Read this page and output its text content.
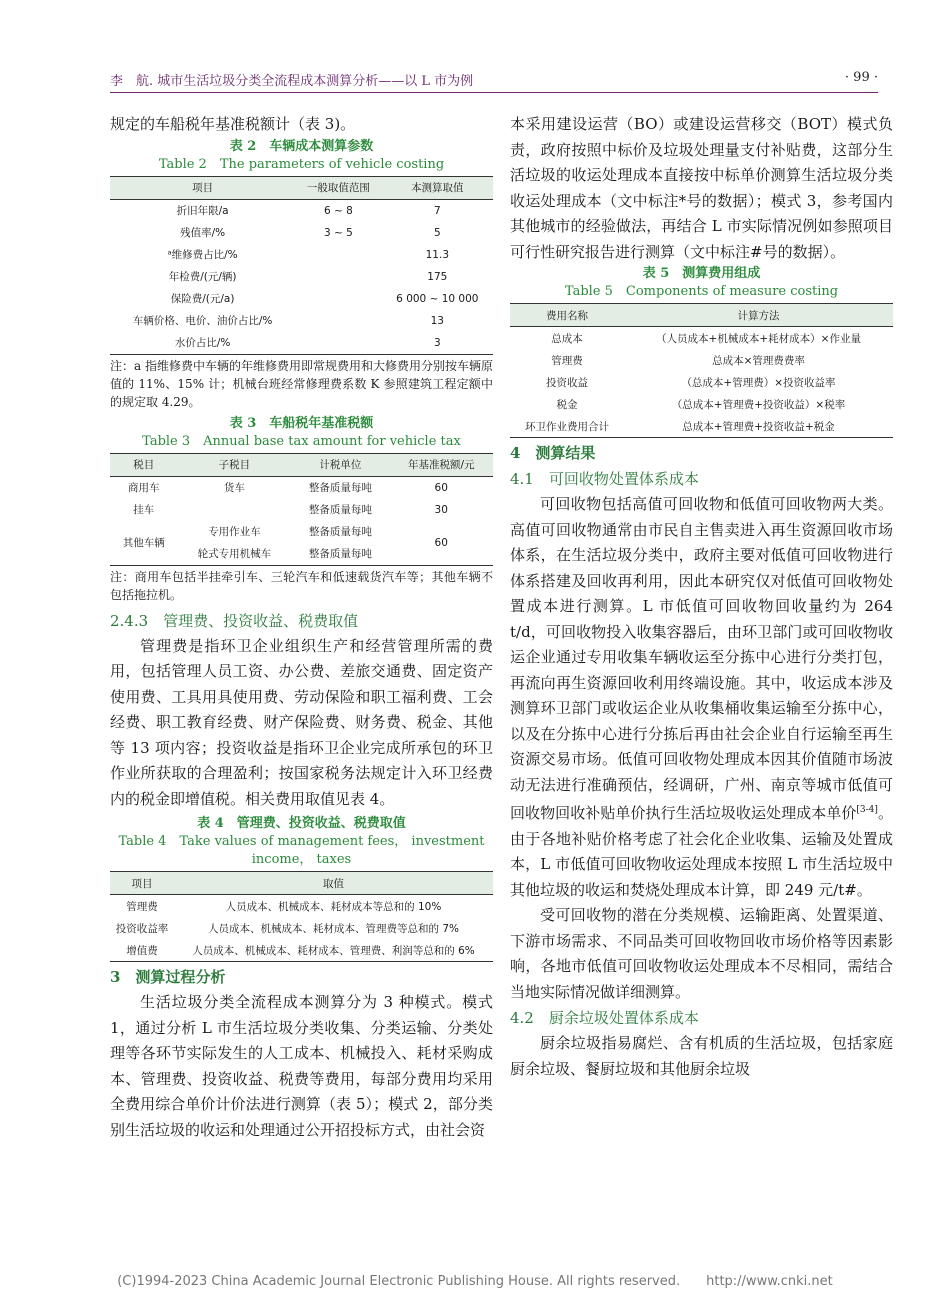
李　航. 城市生活垃圾分类全流程成本测算分析——以 L 市为例	· 99 ·

规定的车船税年基准税额计（表 3)。

表 2　车辆成本测算参数
Table 2　The parameters of vehicle costing
项目	一般取值范围	本测算取值
折旧年限/a	6 ~ 8	7
残值率/%	3 ~ 5	5
ᵃ维修费占比/%		11.3
年检费/(元/辆)		175
保险费/(元/a)		6 000 ~ 10 000
车辆价格、电价、油价占比/%		13
水价占比/%		3
注：a 指维修费中车辆的年维修费用即常规费用和大修费用分别按车辆原值的 11%、15% 计；机械台班经常修理费系数 K 参照建筑工程定额中的规定取 4.29。
表 3　车船税年基准税额
Table 3　Annual base tax amount for vehicle tax
税目	子税目	计税单位	年基准税额/元
商用车	货车	整备质量每吨	60
挂车		整备质量每吨	30
其他车辆	专用作业车	整备质量每吨	60
	轮式专用机械车	整备质量每吨	
注：商用车包括半挂牵引车、三轮汽车和低速载货汽车等；其他车辆不包括拖拉机。
2.4.3　管理费、投资收益、税费取值

管理费是指环卫企业组织生产和经营管理所需的费用，包括管理人员工资、办公费、差旅交通费、固定资产使用费、工具用具使用费、劳动保险和职工福利费、工会经费、职工教育经费、财产保险费、财务费、税金、其他等 13 项内容；投资收益是指环卫企业完成所承包的环卫作业所获取的合理盈利；按国家税务法规定计入环卫经费内的税金即增值税。相关费用取值见表 4。

表 4　管理费、投资收益、税费取值
Table 4　Take values of management fees， investment income， taxes
项目	取值
管理费	人员成本、机械成本、耗材成本等总和的 10%
投资收益率	人员成本、机械成本、耗材成本、管理费等总和的 7%
增值费	人员成本、机械成本、耗材成本、管理费、利润等总和的 6%
3　测算过程分析

生活垃圾分类全流程成本测算分为 3 种模式。模式 1，通过分析 L 市生活垃圾分类收集、分类运输、分类处理等各环节实际发生的人工成本、机械投入、耗材采购成本、管理费、投资收益、税费等费用，每部分费用均采用全费用综合单价计价法进行测算（表 5）；模式 2，部分类别生活垃圾的收运和处理通过公开招投标方式，由社会资

本采用建设运营（BO）或建设运营移交（BOT）模式负责，政府按照中标价及垃圾处理量支付补贴费，这部分生活垃圾的收运处理成本直接按中标单价测算生活垃圾分类收运处理成本（文中标注*号的数据）；模式 3，参考国内其他城市的经验做法，再结合 L 市实际情况例如参照项目可行性研究报告进行测算（文中标注#号的数据）。

表 5　测算费用组成
Table 5　Components of measure costing
费用名称	计算方法
总成本	（人员成本+机械成本+耗材成本）×作业量
管理费	总成本×管理费费率
投资收益	（总成本+管理费）×投资收益率
税金	（总成本+管理费+投资收益）×税率
环卫作业费用合计	总成本+管理费+投资收益+税金
4　测算结果
4.1　可回收物处置体系成本

可回收物包括高值可回收物和低值可回收物两大类。高值可回收物通常由市民自主售卖进入再生资源回收市场体系，在生活垃圾分类中，政府主要对低值可回收物进行体系搭建及回收再利用，因此本研究仅对低值可回收物处置成本进行测算。L 市低值可回收物回收量约为 264 t/d，可回收物投入收集容器后，由环卫部门或可回收物收运企业通过专用收集车辆收运至分拣中心进行分类打包，再流向再生资源回收利用终端设施。其中，收运成本涉及测算环卫部门或收运企业从收集桶收集运输至分拣中心，以及在分拣中心进行分拣后再由社会企业自行运输至再生资源交易市场。低值可回收物处理成本因其价值随市场波动无法进行准确预估，经调研，广州、南京等城市低值可回收物回收补贴单价执行生活垃圾收运处理成本单价[3-4]。由于各地补贴价格考虑了社会化企业收集、运输及处置成本，L 市低值可回收物收运处理成本按照 L 市生活垃圾中其他垃圾的收运和焚烧处理成本计算，即 249 元/t#。

受可回收物的潜在分类规模、运输距离、处置渠道、下游市场需求、不同品类可回收物回收市场价格等因素影响，各地市低值可回收物收运处理成本不尽相同，需结合当地实际情况做详细测算。

4.2　厨余垃圾处置体系成本

厨余垃圾指易腐烂、含有机质的生活垃圾，包括家庭厨余垃圾、餐厨垃圾和其他厨余垃圾

(C)1994-2023 China Academic Journal Electronic Publishing House. All rights reserved.　　http://www.cnki.net
